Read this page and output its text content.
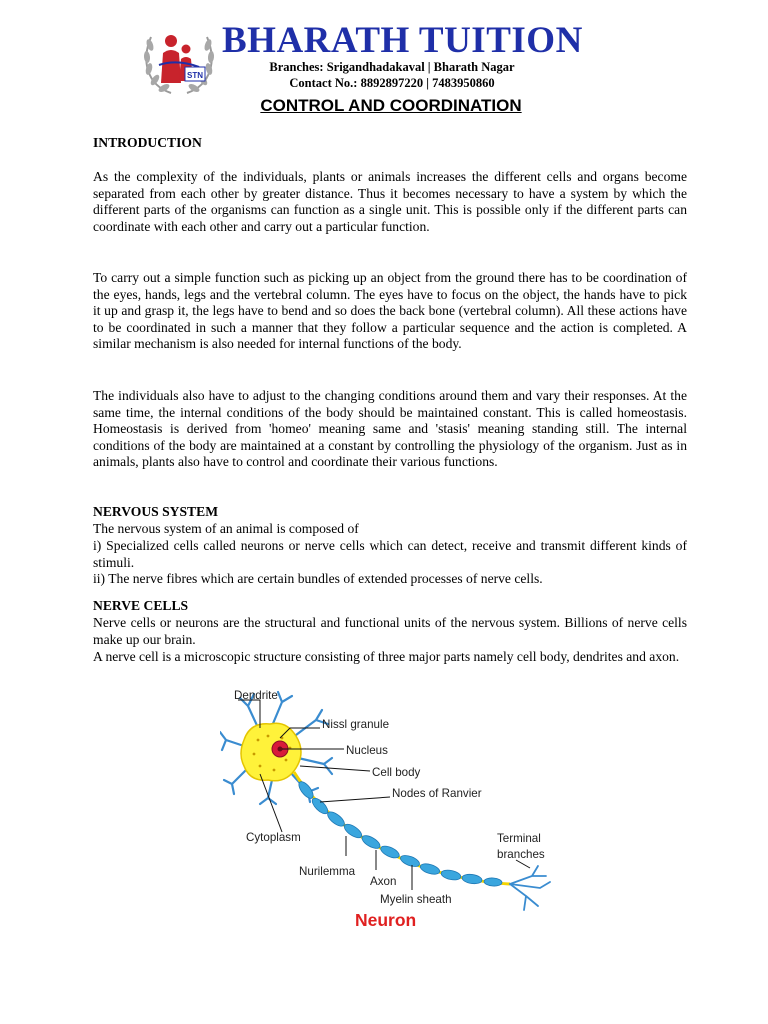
STN
BHARATH TUITION
Branches: Srigandhadakaval | Bharath Nagar
Contact No.: 8892897220 | 7483950860
CONTROL AND COORDINATION
INTRODUCTION
As the complexity of the individuals, plants or animals increases the different cells and organs become separated from each other by greater distance. Thus it becomes necessary to have a system by which the different parts of the organisms can function as a single unit. This is possible only if the different parts can coordinate with each other and carry out a particular function.
To carry out a simple function such as picking up an object from the ground there has to be coordination of the eyes, hands, legs and the vertebral column. The eyes have to focus on the object, the hands have to pick it up and grasp it, the legs have to bend and so does the back bone (vertebral column). All these actions have to be coordinated in such a manner that they follow a particular sequence and the action is completed. A similar mechanism is also needed for internal functions of the body.
The individuals also have to adjust to the changing conditions around them and vary their responses. At the same time, the internal conditions of the body should be maintained constant. This is called homeostasis. Homeostasis is derived from 'homeo' meaning same and 'stasis' meaning standing still. The internal conditions of the body are maintained at a constant by controlling the physiology of the organism. Just as in animals, plants also have to control and coordinate their various functions.
NERVOUS SYSTEM
The nervous system of an animal is composed of
i) Specialized cells called neurons or nerve cells which can detect, receive and transmit different kinds of stimuli.
ii) The nerve fibres which are certain bundles of extended processes of nerve cells.
NERVE CELLS
Nerve cells or neurons are the structural and functional units of the nervous system. Billions of nerve cells make up our brain.
A nerve cell is a microscopic structure consisting of three major parts namely cell body, dendrites and axon.
Dendrite
Nissl granule
Nucleus
Cell body
Nodes of Ranvier
Cytoplasm	Terminal
branches
Nurilemma
Axon
Myelin sheath
Neuron
